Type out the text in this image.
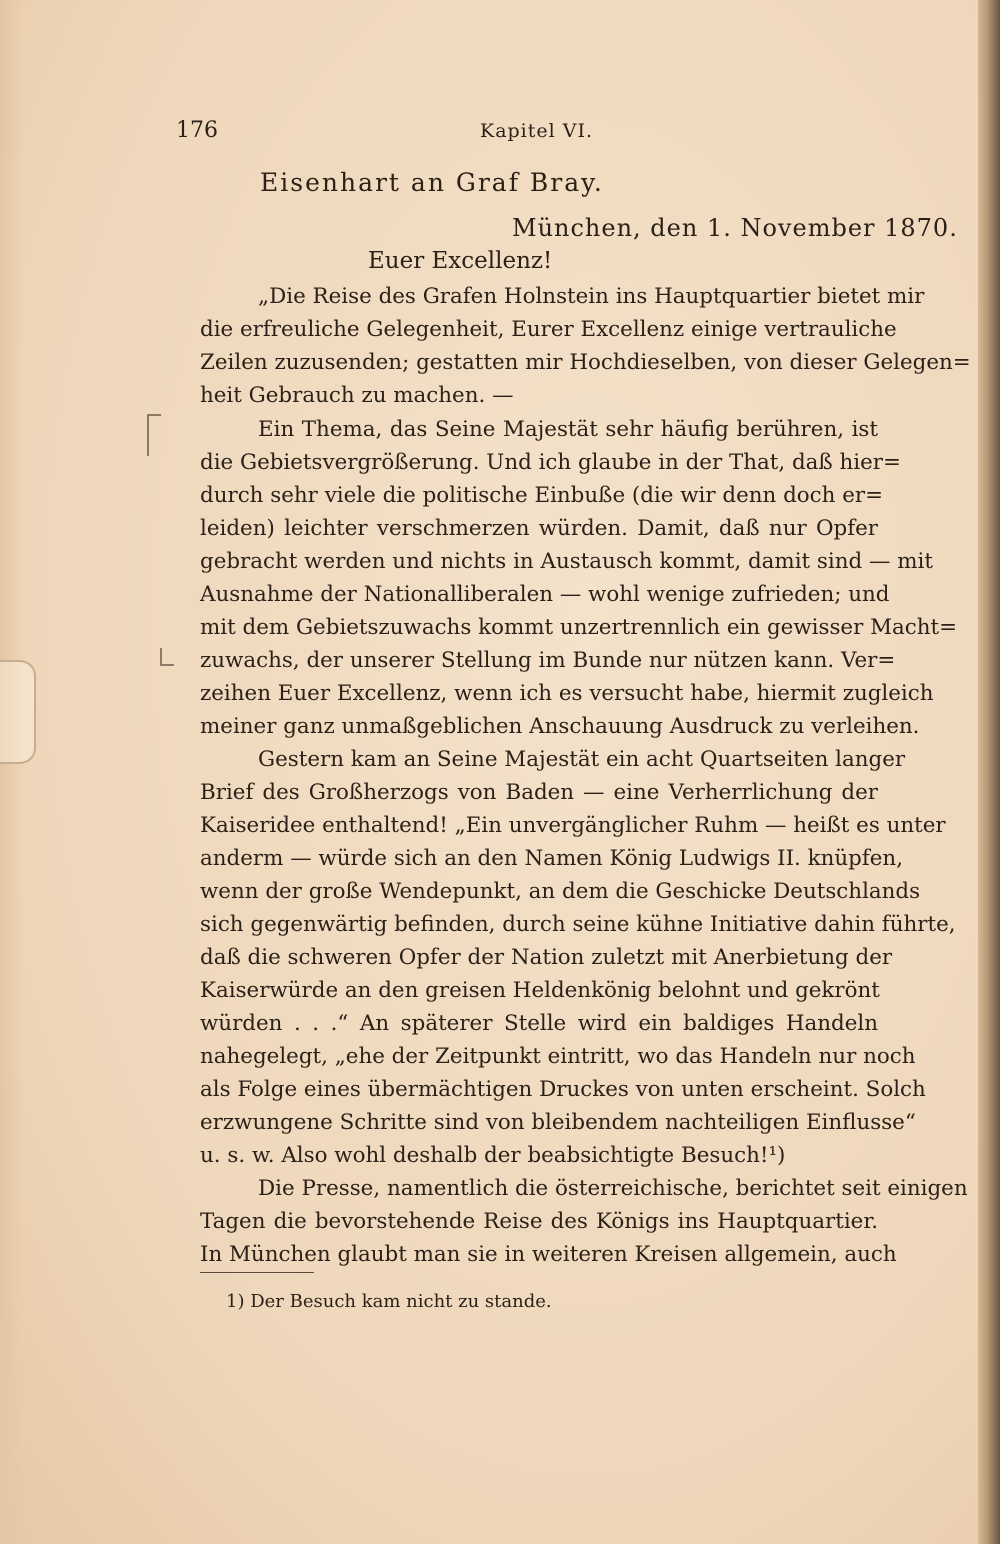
176	Kapitel VI.
Eisenhart an Graf Bray.
München, den 1. November 1870.
Euer Excellenz!
„Die Reise des Grafen Holnstein ins Hauptquartier bietet mir
die erfreuliche Gelegenheit, Eurer Excellenz einige vertrauliche
Zeilen zuzusenden; gestatten mir Hochdieselben, von dieser Gelegen=
heit Gebrauch zu machen. —
Ein Thema, das Seine Majestät sehr häufig berühren, ist
die Gebietsvergrößerung. Und ich glaube in der That, daß hier=
durch sehr viele die politische Einbuße (die wir denn doch er=
leiden) leichter verschmerzen würden. Damit, daß nur Opfer
gebracht werden und nichts in Austausch kommt, damit sind — mit
Ausnahme der Nationalliberalen — wohl wenige zufrieden; und
mit dem Gebietszuwachs kommt unzertrennlich ein gewisser Macht=
zuwachs, der unserer Stellung im Bunde nur nützen kann. Ver=
zeihen Euer Excellenz, wenn ich es versucht habe, hiermit zugleich
meiner ganz unmaßgeblichen Anschauung Ausdruck zu verleihen.
Gestern kam an Seine Majestät ein acht Quartseiten langer
Brief des Großherzogs von Baden — eine Verherrlichung der
Kaiseridee enthaltend! „Ein unvergänglicher Ruhm — heißt es unter
anderm — würde sich an den Namen König Ludwigs II. knüpfen,
wenn der große Wendepunkt, an dem die Geschicke Deutschlands
sich gegenwärtig befinden, durch seine kühne Initiative dahin führte,
daß die schweren Opfer der Nation zuletzt mit Anerbietung der
Kaiserwürde an den greisen Heldenkönig belohnt und gekrönt
würden . . .“ An späterer Stelle wird ein baldiges Handeln
nahegelegt, „ehe der Zeitpunkt eintritt, wo das Handeln nur noch
als Folge eines übermächtigen Druckes von unten erscheint. Solch
erzwungene Schritte sind von bleibendem nachteiligen Einflusse“
u. s. w. Also wohl deshalb der beabsichtigte Besuch!¹)
Die Presse, namentlich die österreichische, berichtet seit einigen
Tagen die bevorstehende Reise des Königs ins Hauptquartier.
In München glaubt man sie in weiteren Kreisen allgemein, auch
1) Der Besuch kam nicht zu stande.
